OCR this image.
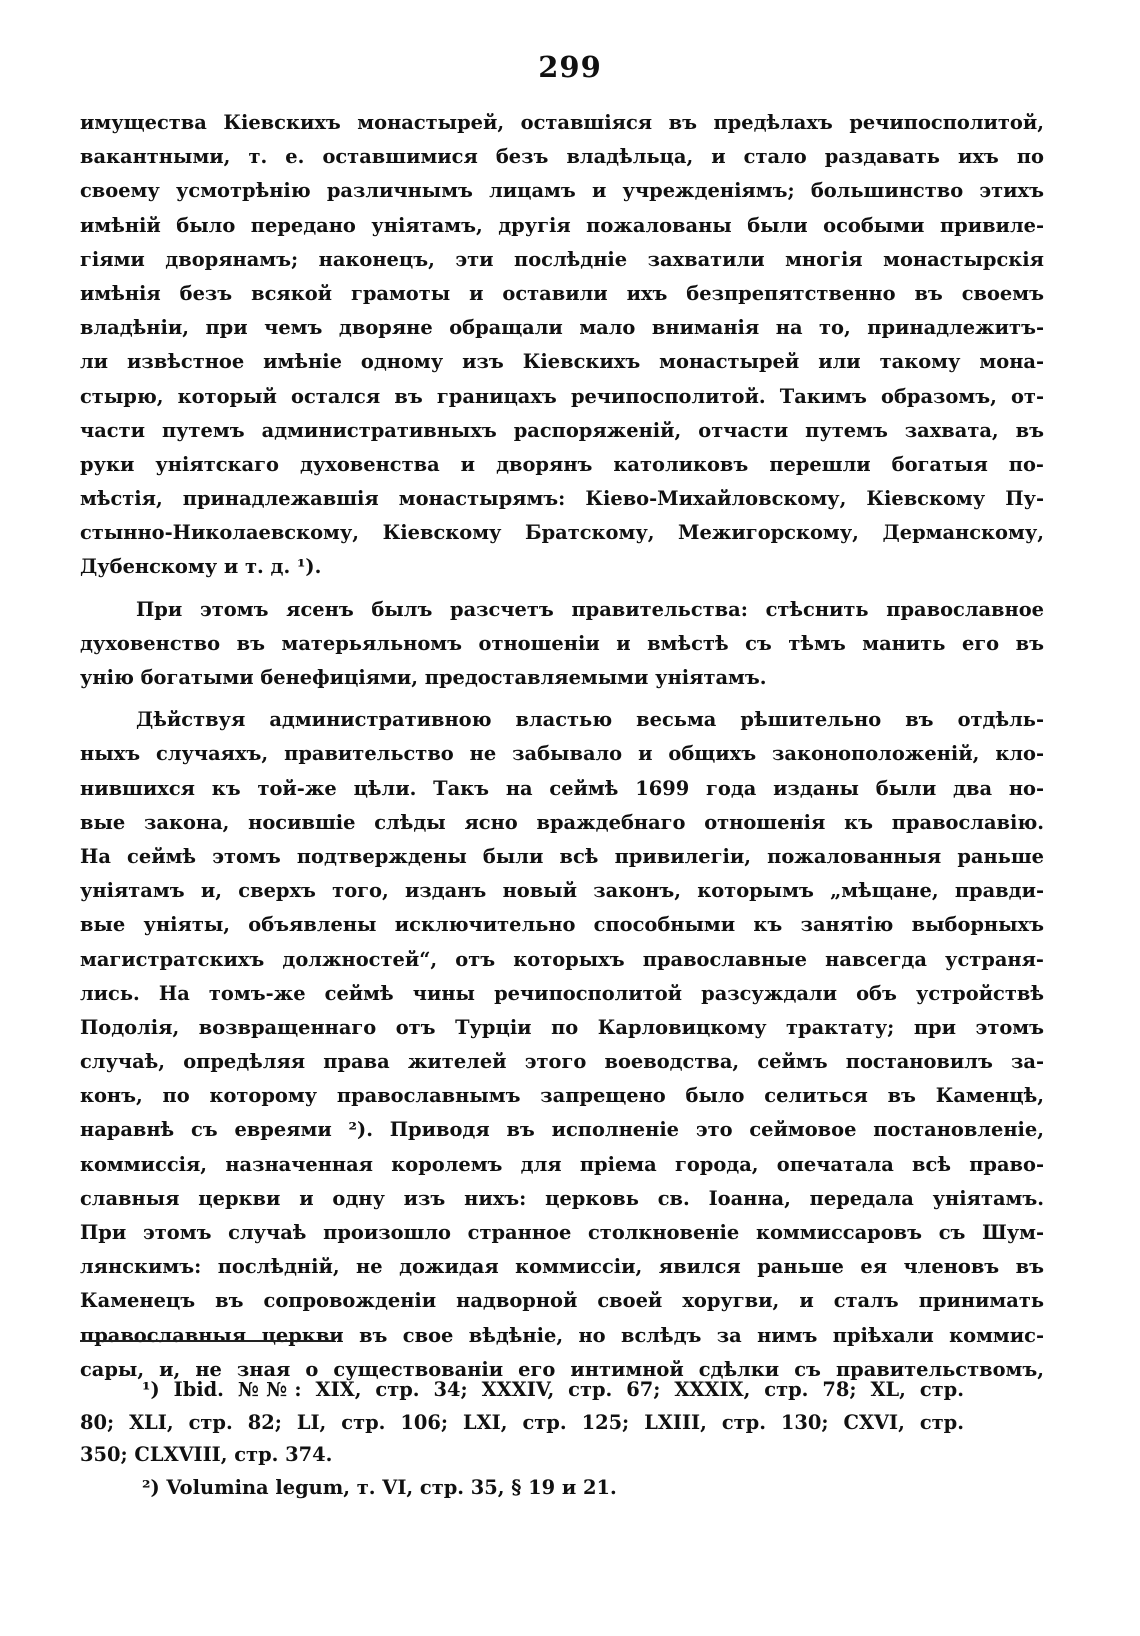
299
имущества Кіевскихъ монастырей, оставшіяся въ предѣлахъ речипосполитой,
вакантными, т. е. оставшимися безъ владѣльца, и стало раздавать ихъ по
своему усмотрѣнію различнымъ лицамъ и учрежденіямъ; большинство этихъ
имѣній было передано уніятамъ, другія пожалованы были особыми привиле-
гіями дворянамъ; наконецъ, эти послѣдніе захватили многія монастырскія
имѣнія безъ всякой грамоты и оставили ихъ безпрепятственно въ своемъ
владѣніи, при чемъ дворяне обращали мало вниманія на то, принадлежитъ-
ли извѣстное имѣніе одному изъ Кіевскихъ монастырей или такому мона-
стырю, который остался въ границахъ речипосполитой. Такимъ образомъ, от-
части путемъ административныхъ распоряженій, отчасти путемъ захвата, въ
руки уніятскаго духовенства и дворянъ католиковъ перешли богатыя по-
мѣстія, принадлежавшія монастырямъ: Кіево-Михайловскому, Кіевскому Пу-
стынно-Николаевскому, Кіевскому Братскому, Межигорскому, Дерманскому,
Дубенскому и т. д. ¹).
При этомъ ясенъ былъ разсчетъ правительства: стѣснить православное
духовенство въ матерьяльномъ отношеніи и вмѣстѣ съ тѣмъ манить его въ
унію богатыми бенефиціями, предоставляемыми уніятамъ.
Дѣйствуя административною властью весьма рѣшительно въ отдѣль-
ныхъ случаяхъ, правительство не забывало и общихъ законоположеній, кло-
нившихся къ той-же цѣли. Такъ на сеймѣ 1699 года изданы были два но-
вые закона, носившіе слѣды ясно враждебнаго отношенія къ православію.
На сеймѣ этомъ подтверждены были всѣ привилегіи, пожалованныя раньше
уніятамъ и, сверхъ того, изданъ новый законъ, которымъ „мѣщане, правди-
вые уніяты, объявлены исключительно способными къ занятію выборныхъ
магистратскихъ должностей“, отъ которыхъ православные навсегда устраня-
лись. На томъ-же сеймѣ чины речипосполитой разсуждали объ устройствѣ
Подолія, возвращеннаго отъ Турціи по Карловицкому трактату; при этомъ
случаѣ, опредѣляя права жителей этого воеводства, сеймъ постановилъ за-
конъ, по которому православнымъ запрещено было селиться въ Каменцѣ,
наравнѣ съ евреями ²). Приводя въ исполненіе это сеймовое постановленіе,
коммиссія, назначенная королемъ для пріема города, опечатала всѣ право-
славныя церкви и одну изъ нихъ: церковь св. Іоанна, передала уніятамъ.
При этомъ случаѣ произошло странное столкновеніе коммиссаровъ съ Шум-
лянскимъ: послѣдній, не дожидая коммиссіи, явился раньше ея членовъ въ
Каменецъ въ сопровожденіи надворной своей хоругви, и сталъ принимать
православныя церкви въ свое вѣдѣніе, но вслѣдъ за нимъ пріѣхали коммис-
сары, и, не зная о существованіи его интимной сдѣлки съ правительствомъ,
¹) Ibid. №№: XIX, стр. 34; XXXIV, стр. 67; XXXIX, стр. 78; XL, стр.
80; XLI, стр. 82; LI, стр. 106; LXI, стр. 125; LXIII, стр. 130; CXVI, стр.
350; CLXVIII, стр. 374.
²) Volumina legum, т. VI, стр. 35, § 19 и 21.
